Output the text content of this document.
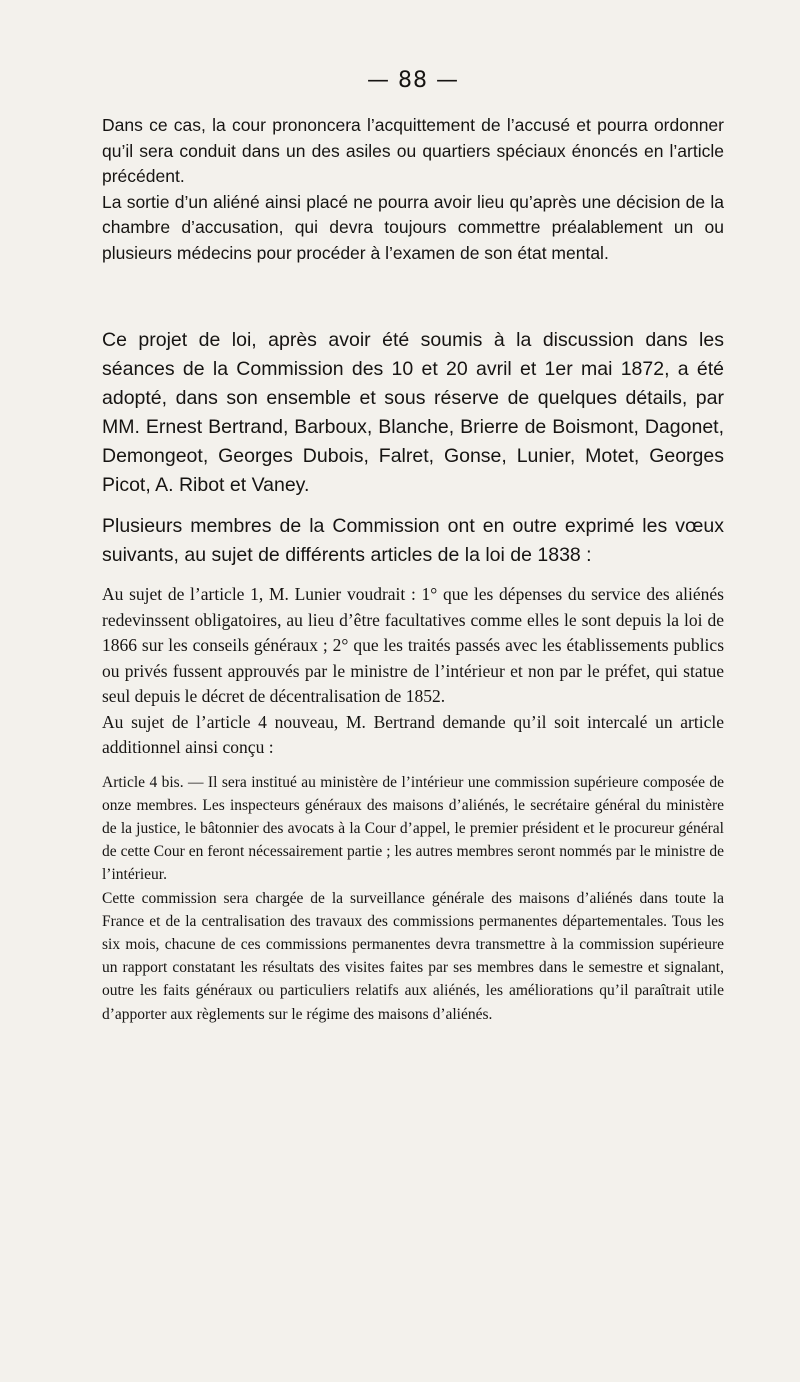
— 88 —

Dans ce cas, la cour prononcera l’acquittement de l’accusé et pourra ordonner qu’il sera conduit dans un des asiles ou quartiers spéciaux énoncés en l’article précédent.

La sortie d’un aliéné ainsi placé ne pourra avoir lieu qu’après une décision de la chambre d’accusation, qui devra toujours commettre préalablement un ou plusieurs médecins pour procéder à l’examen de son état mental.

Ce projet de loi, après avoir été soumis à la discussion dans les séances de la Commission des 10 et 20 avril et 1er mai 1872, a été adopté, dans son ensemble et sous réserve de quelques détails, par MM. Ernest Bertrand, Barboux, Blanche, Brierre de Boismont, Dagonet, Demongeot, Georges Dubois, Falret, Gonse, Lunier, Motet, Georges Picot, A. Ribot et Vaney.

Plusieurs membres de la Commission ont en outre exprimé les vœux suivants, au sujet de différents articles de la loi de 1838 :

Au sujet de l’article 1, M. Lunier voudrait : 1° que les dépenses du service des aliénés redevinssent obligatoires, au lieu d’être facultatives comme elles le sont depuis la loi de 1866 sur les conseils généraux ; 2° que les traités passés avec les établissements publics ou privés fussent approuvés par le ministre de l’intérieur et non par le préfet, qui statue seul depuis le décret de décentralisation de 1852.

Au sujet de l’article 4 nouveau, M. Bertrand demande qu’il soit intercalé un article additionnel ainsi conçu :

Article 4 bis. — Il sera institué au ministère de l’intérieur une commission supérieure composée de onze membres. Les inspecteurs généraux des maisons d’aliénés, le secrétaire général du ministère de la justice, le bâtonnier des avocats à la Cour d’appel, le premier président et le procureur général de cette Cour en feront nécessairement partie ; les autres membres seront nommés par le ministre de l’intérieur.

Cette commission sera chargée de la surveillance générale des maisons d’aliénés dans toute la France et de la centralisation des travaux des commissions permanentes départementales. Tous les six mois, chacune de ces commissions permanentes devra transmettre à la commission supérieure un rapport constatant les résultats des visites faites par ses membres dans le semestre et signalant, outre les faits généraux ou particuliers relatifs aux aliénés, les améliorations qu’il paraîtrait utile d’apporter aux règlements sur le régime des maisons d’aliénés.
